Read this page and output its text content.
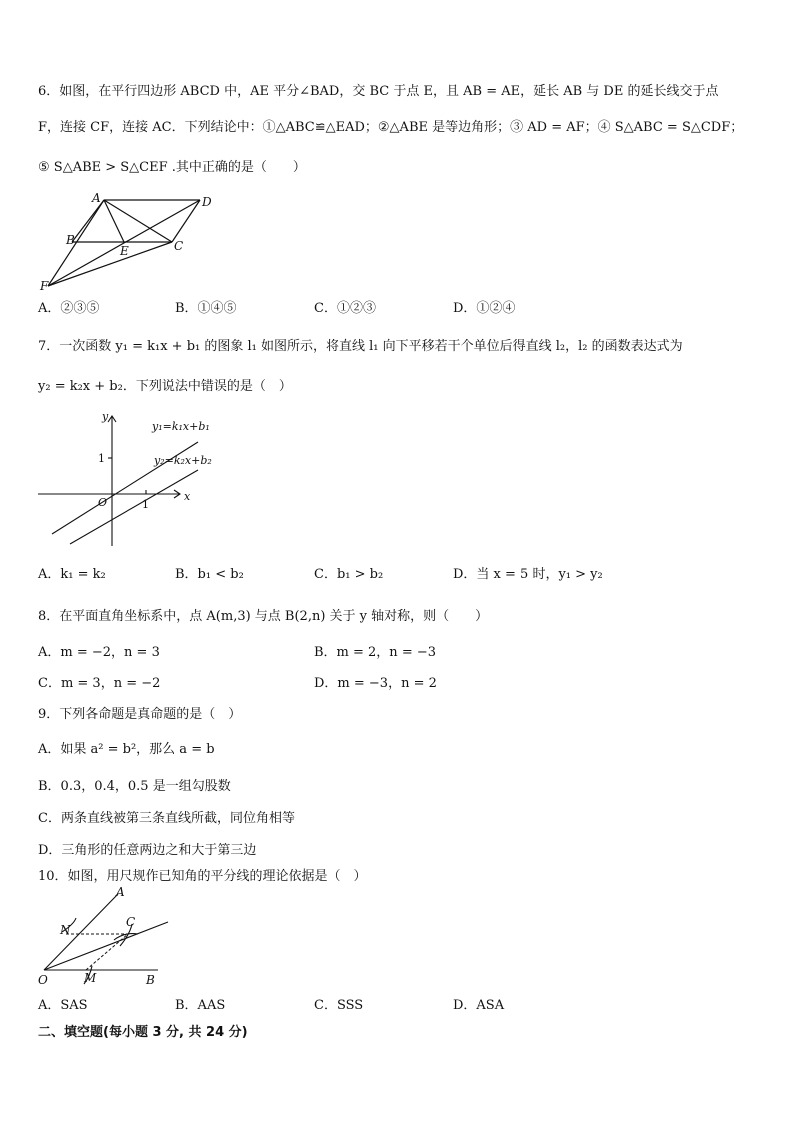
6．如图，在平行四边形 ABCD 中，AE 平分∠BAD，交 BC 于点 E，且 AB = AE，延长 AB 与 DE 的延长线交于点
F，连接 CF，连接 AC．下列结论中：①△ABC≌△EAD；②△ABE 是等边角形；③ AD = AF；④ S△ABC = S△CDF；
⑤ S△ABE > S△CEF .其中正确的是（　　）
A	D
B
E	C
F
A．②③⑤	B．①④⑤	C．①②③	D．①②④
7．一次函数 y₁ = k₁x + b₁ 的图象 l₁ 如图所示，将直线 l₁ 向下平移若干个单位后得直线 l₂，l₂ 的函数表达式为
y₂ = k₂x + b₂．下列说法中错误的是（　）
y
x
O
1
1
y₁=k₁x+b₁
y₂=k₂x+b₂
A．k₁ = k₂	B．b₁ < b₂	C．b₁ > b₂	D．当 x = 5 时，y₁ > y₂
8．在平面直角坐标系中，点 A(m,3) 与点 B(2,n) 关于 y 轴对称，则（　　）
A．m = −2，n = 3	B．m = 2，n = −3
C．m = 3，n = −2	D．m = −3，n = 2
9．下列各命题是真命题的是（　）
A．如果 a² = b²，那么 a = b
B．0.3，0.4，0.5 是一组勾股数
C．两条直线被第三条直线所截，同位角相等
D．三角形的任意两边之和大于第三边
10．如图，用尺规作已知角的平分线的理论依据是（　）
A
N
C
O	M	B
A．SAS	B．AAS	C．SSS	D．ASA
二、填空题(每小题 3 分, 共 24 分)
